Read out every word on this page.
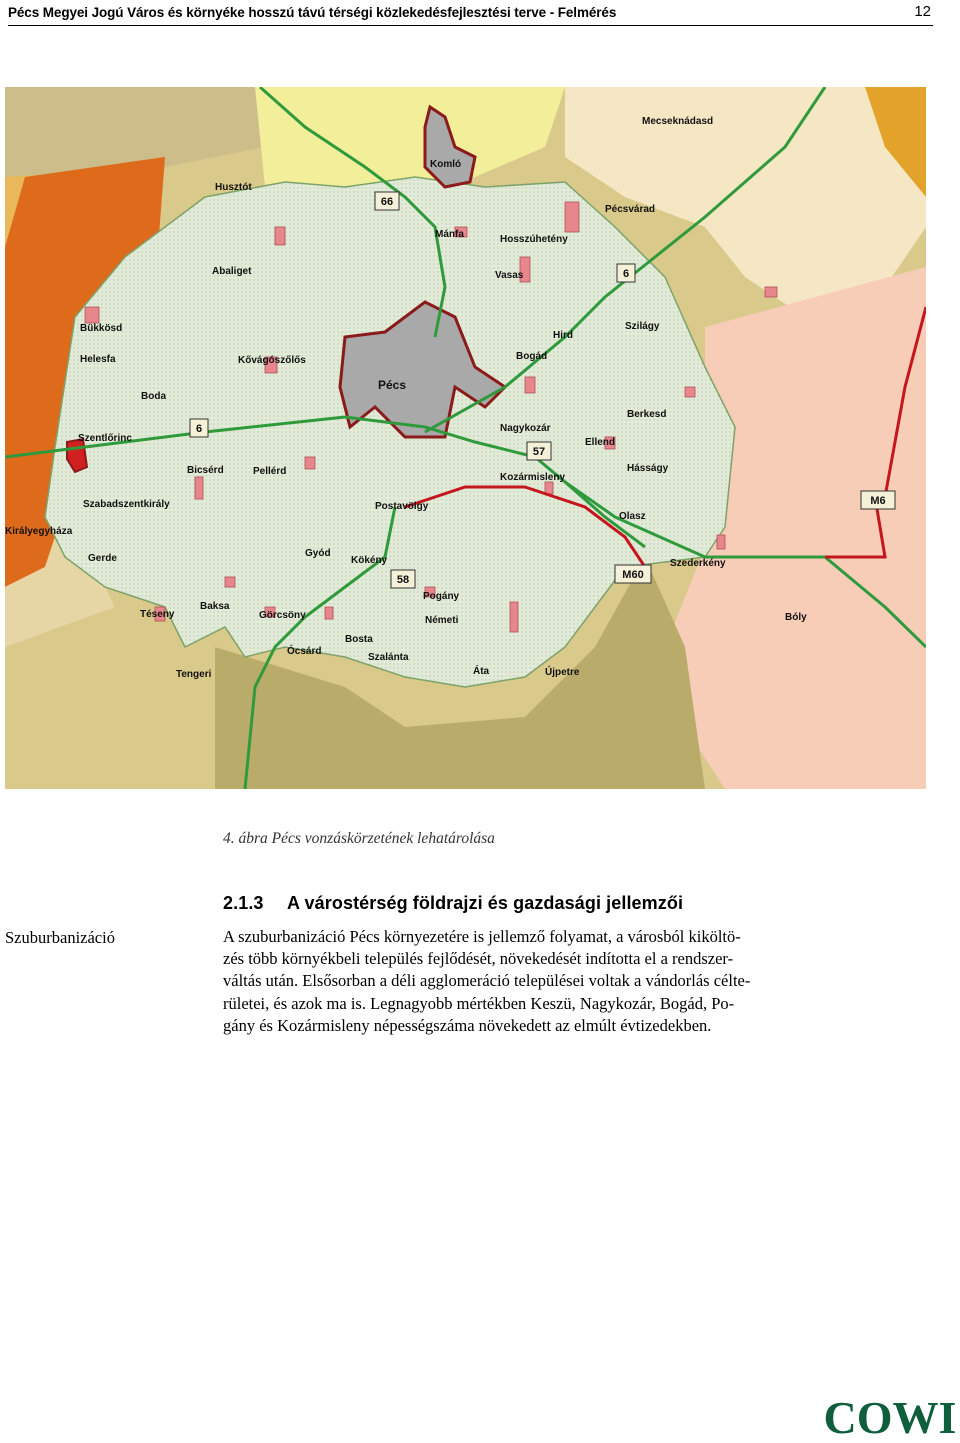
Pécs Megyei Jogú Város és környéke hosszú távú térségi közlekedésfejlesztési terve - Felmérés	12
66
6
6
57
58	M60
M6
Mecseknádasd
Komló
Husztót
Mánfa
Pécsvárad
Hosszúhetény
Abaliget	Vasas
Bükkösd	Szilágy
Hird
Helesfa	Kővágószőlős	Bogád
Boda
Pécs
Berkesd
Szentlőrinc
Nagykozár
Ellend
Hásságy
Bicsérd	Pellérd
Kozármisleny
Szabadszentkirály	Postavölgy
Olasz
Királyegyháza
Gerde	Gyód
Kökény	Szederkény
Pogány
Téseny
Baksa
Görcsöny	Németi	Bóly
Bosta
Ócsárd
Szalánta
Tengeri	Áta	Újpetre
4. ábra Pécs vonzáskörzetének lehatárolása
2.1.3 A várostérség földrajzi és gazdasági jellemzői
Szuburbanizáció	A szuburbanizáció Pécs környezetére is jellemző folyamat, a városból kiköltö-
zés több környékbeli település fejlődését, növekedését indította el a rendszer-
váltás után. Elsősorban a déli agglomeráció települései voltak a vándorlás célte-
rületei, és azok ma is. Legnagyobb mértékben Keszü, Nagykozár, Bogád, Po-
gány és Kozármisleny népességszáma növekedett az elmúlt évtizedekben.
COWI
